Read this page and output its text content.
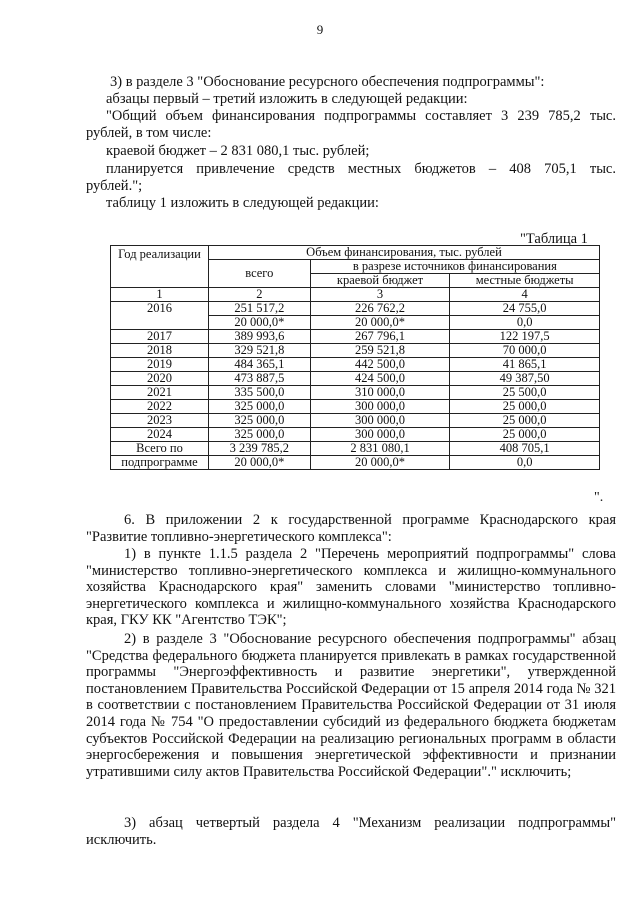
9
3) в разделе 3 "Обоснование ресурсного обеспечения подпрограммы":
абзацы первый – третий изложить в следующей редакции:
"Общий объем финансирования подпрограммы составляет 3 239 785,2 тыс.
рублей, в том числе:
краевой бюджет – 2 831 080,1 тыс. рублей;
планируется привлечение средств местных бюджетов – 408 705,1 тыс.
рублей.";
таблицу 1 изложить в следующей редакции:
"Таблица 1
Год реализации	Объем финансирования, тыс. рублей		
	всего	в разрезе источников финансирования	
		краевой бюджет	местные бюджеты
1	2	3	4
2016	251 517,2	226 762,2	24 755,0
	20 000,0*	20 000,0*	0,0
2017	389 993,6	267 796,1	122 197,5
2018	329 521,8	259 521,8	70 000,0
2019	484 365,1	442 500,0	41 865,1
2020	473 887,5	424 500,0	49 387,50
2021	335 500,0	310 000,0	25 500,0
2022	325 000,0	300 000,0	25 000,0
2023	325 000,0	300 000,0	25 000,0
2024	325 000,0	300 000,0	25 000,0
Всего по	3 239 785,2	2 831 080,1	408 705,1
подпрограмме	20 000,0*	20 000,0*	0,0
".
6. В приложении 2 к государственной программе Краснодарского края "Развитие топливно-энергетического комплекса":
1) в пункте 1.1.5 раздела 2 "Перечень мероприятий подпрограммы" слова "министерство топливно-энергетического комплекса и жилищно-коммунального хозяйства Краснодарского края" заменить словами "министерство топливно-энергетического комплекса и жилищно-коммунального хозяйства Краснодарского края, ГКУ КК "Агентство ТЭК";
2) в разделе 3 "Обоснование ресурсного обеспечения подпрограммы" абзац "Средства федерального бюджета планируется привлекать в рамках государственной программы "Энергоэффективность и развитие энергетики", утвержденной постановлением Правительства Российской Федерации от 15 апреля 2014 года № 321 в соответствии с постановлением Правительства Российской Федерации от 31 июля 2014 года № 754 "О предоставлении субсидий из федерального бюджета бюджетам субъектов Российской Федерации на реализацию региональных программ в области энергосбережения и повышения энергетической эффективности и признании утратившими силу актов Правительства Российской Федерации"." исключить;
3) абзац четвертый раздела 4 "Механизм реализации подпрограммы" исключить.
